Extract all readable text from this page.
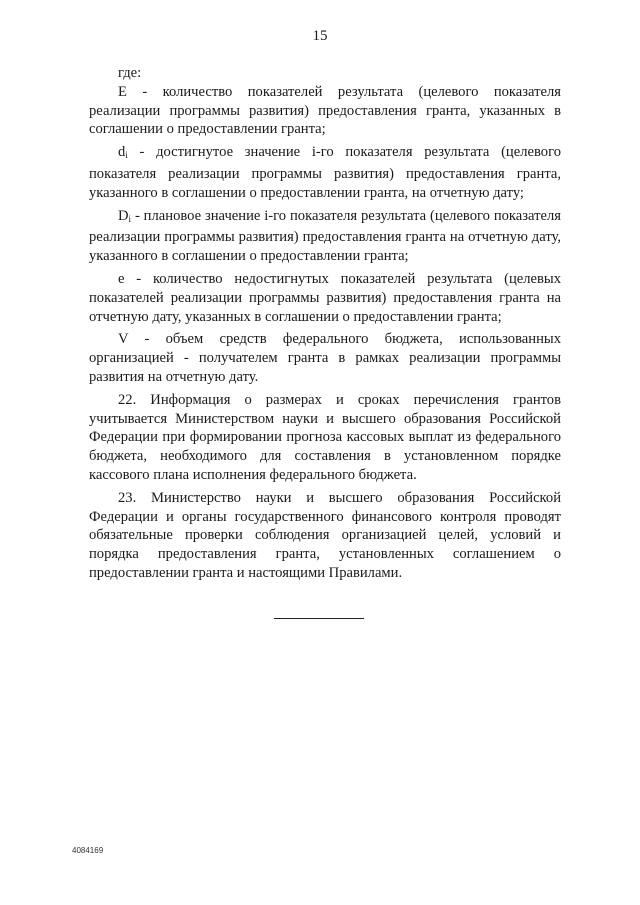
15

где:

E - количество показателей результата (целевого показателя реализации программы развития) предоставления гранта, указанных в соглашении о предоставлении гранта;

$d_i$ - достигнутое значение i-го показателя результата (целевого показателя реализации программы развития) предоставления гранта, указанного в соглашении о предоставлении гранта, на отчетную дату;

$D_i$ - плановое значение i-го показателя результата (целевого показателя реализации программы развития) предоставления гранта на отчетную дату, указанного в соглашении о предоставлении гранта;

e - количество недостигнутых показателей результата (целевых показателей реализации программы развития) предоставления гранта на отчетную дату, указанных в соглашении о предоставлении гранта;

V - объем средств федерального бюджета, использованных организацией - получателем гранта в рамках реализации программы развития на отчетную дату.

22. Информация о размерах и сроках перечисления грантов учитывается Министерством науки и высшего образования Российской Федерации при формировании прогноза кассовых выплат из федерального бюджета, необходимого для составления в установленном порядке кассового плана исполнения федерального бюджета.

23. Министерство науки и высшего образования Российской Федерации и органы государственного финансового контроля проводят обязательные проверки соблюдения организацией целей, условий и порядка предоставления гранта, установленных соглашением о предоставлении гранта и настоящими Правилами.

4084169
